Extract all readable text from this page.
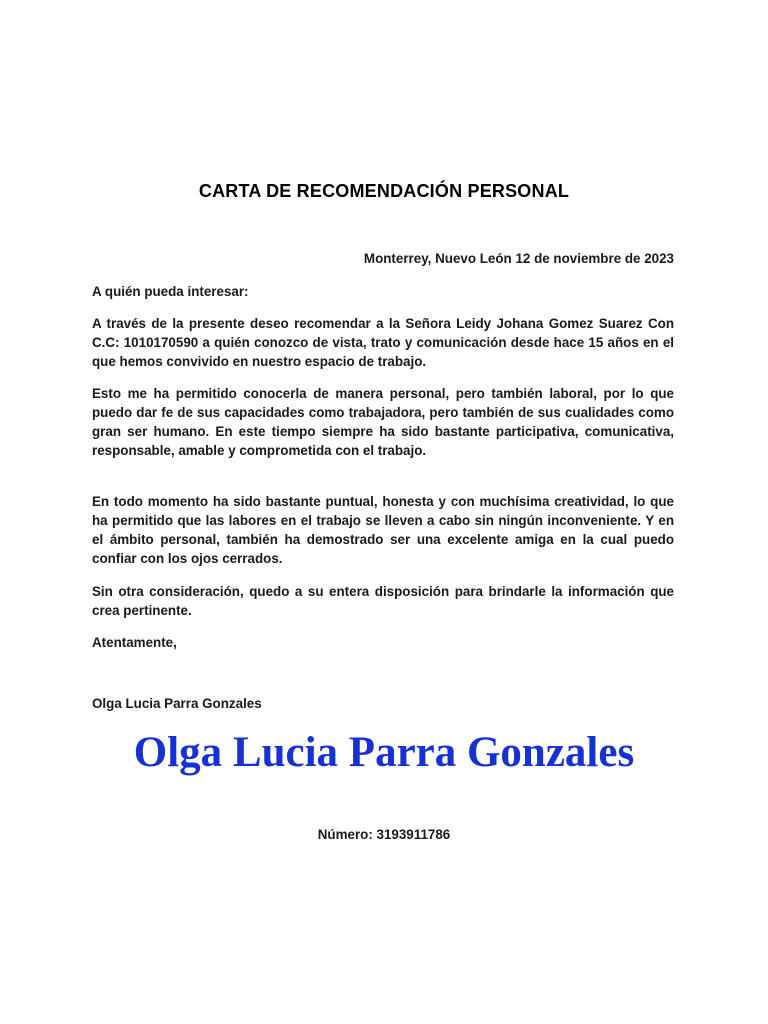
CARTA DE RECOMENDACIÓN PERSONAL
Monterrey, Nuevo León 12 de noviembre de 2023
A quién pueda interesar:
A través de la presente deseo recomendar a la Señora Leidy Johana Gomez Suarez Con C.C: 1010170590 a quién conozco de vista, trato y comunicación desde hace 15 años en el que hemos convivido en nuestro espacio de trabajo.
Esto me ha permitido conocerla de manera personal, pero también laboral, por lo que puedo dar fe de sus capacidades como trabajadora, pero también de sus cualidades como gran ser humano. En este tiempo siempre ha sido bastante participativa, comunicativa, responsable, amable y comprometida con el trabajo.
En todo momento ha sido bastante puntual, honesta y con muchísima creatividad, lo que ha permitido que las labores en el trabajo se lleven a cabo sin ningún inconveniente. Y en el ámbito personal, también ha demostrado ser una excelente amiga en la cual puedo confiar con los ojos cerrados.
Sin otra consideración, quedo a su entera disposición para brindarle la información que crea pertinente.
Atentamente,
Olga Lucia Parra Gonzales
Olga Lucia Parra Gonzales
Número: 3193911786
